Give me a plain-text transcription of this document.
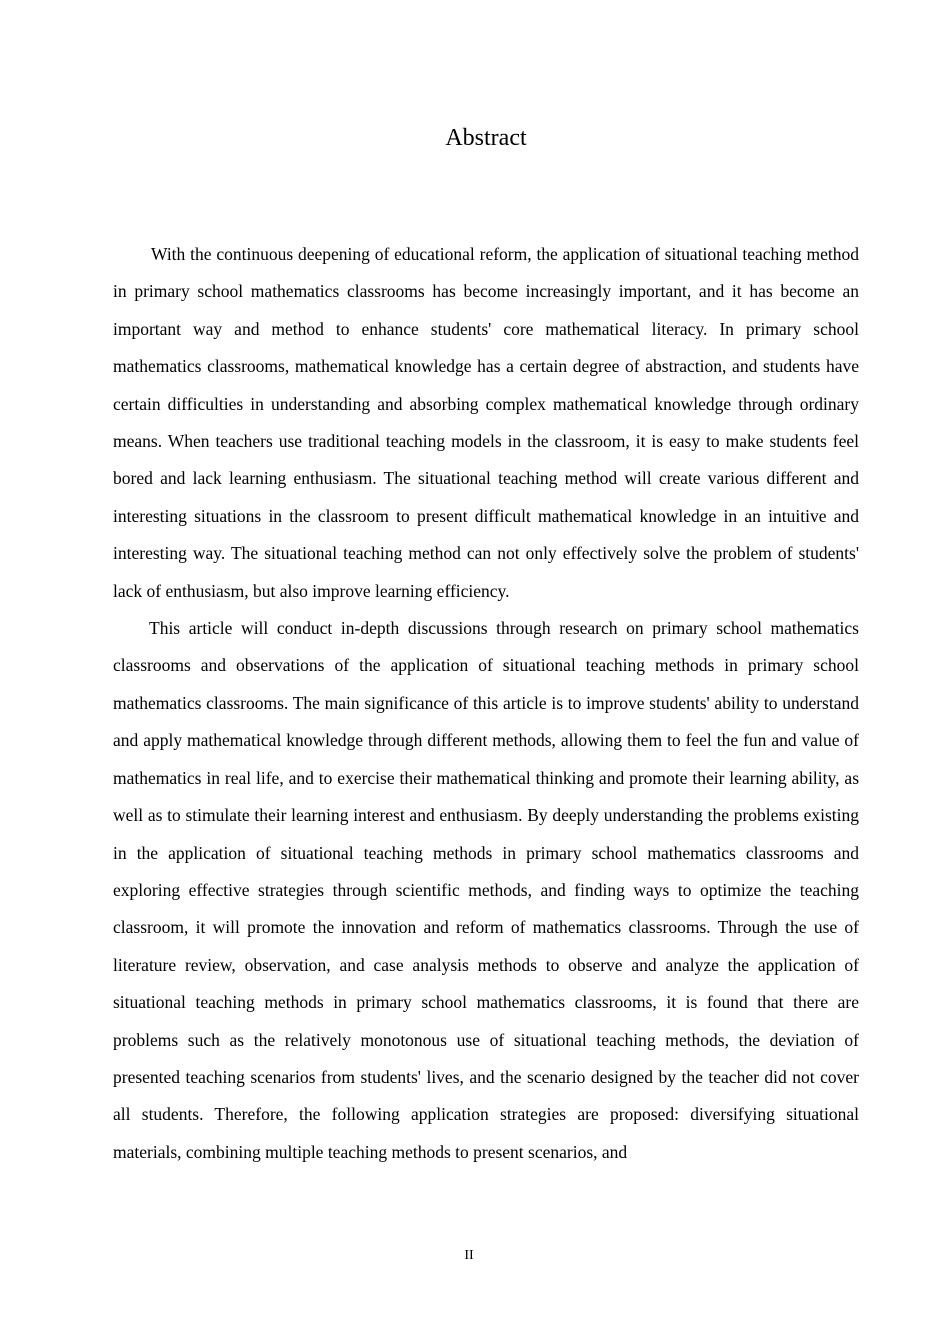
Abstract

With the continuous deepening of educational reform, the application of situational teaching method in primary school mathematics classrooms has become increasingly important, and it has become an important way and method to enhance students' core mathematical literacy. In primary school mathematics classrooms, mathematical knowledge has a certain degree of abstraction, and students have certain difficulties in understanding and absorbing complex mathematical knowledge through ordinary means. When teachers use traditional teaching models in the classroom, it is easy to make students feel bored and lack learning enthusiasm. The situational teaching method will create various different and interesting situations in the classroom to present difficult mathematical knowledge in an intuitive and interesting way. The situational teaching method can not only effectively solve the problem of students' lack of enthusiasm, but also improve learning efficiency.

This article will conduct in-depth discussions through research on primary school mathematics classrooms and observations of the application of situational teaching methods in primary school mathematics classrooms. The main significance of this article is to improve students' ability to understand and apply mathematical knowledge through different methods, allowing them to feel the fun and value of mathematics in real life, and to exercise their mathematical thinking and promote their learning ability, as well as to stimulate their learning interest and enthusiasm. By deeply understanding the problems existing in the application of situational teaching methods in primary school mathematics classrooms and exploring effective strategies through scientific methods, and finding ways to optimize the teaching classroom, it will promote the innovation and reform of mathematics classrooms. Through the use of literature review, observation, and case analysis methods to observe and analyze the application of situational teaching methods in primary school mathematics classrooms, it is found that there are problems such as the relatively monotonous use of situational teaching methods, the deviation of presented teaching scenarios from students' lives, and the scenario designed by the teacher did not cover all students. Therefore, the following application strategies are proposed: diversifying situational materials, combining multiple teaching methods to present scenarios, and

II
